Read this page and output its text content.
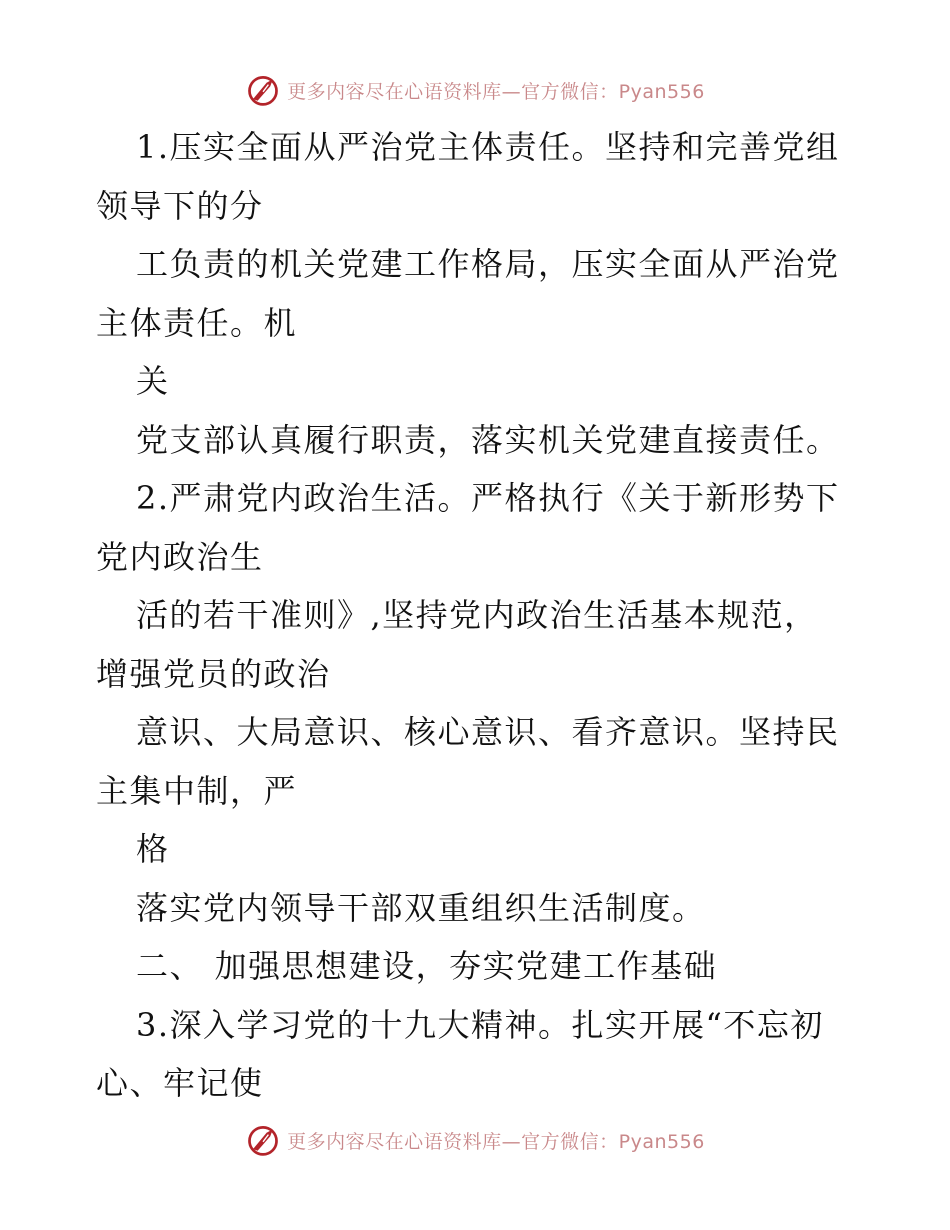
更多内容尽在心语资料库—官方微信：Pyan556
1.压实全面从严治党主体责任。坚持和完善党组
领导下的分
工负责的机关党建工作格局，压实全面从严治党
主体责任。机
关
党支部认真履行职责，落实机关党建直接责任。
2.严肃党内政治生活。严格执行《关于新形势下
党内政治生
活的若干准则》,坚持党内政治生活基本规范，
增强党员的政治
意识、大局意识、核心意识、看齐意识。坚持民
主集中制，严
格
落实党内领导干部双重组织生活制度。
二、 加强思想建设，夯实党建工作基础
3.深入学习党的十九大精神。扎实开展“不忘初
心、牢记使
更多内容尽在心语资料库—官方微信：Pyan556
